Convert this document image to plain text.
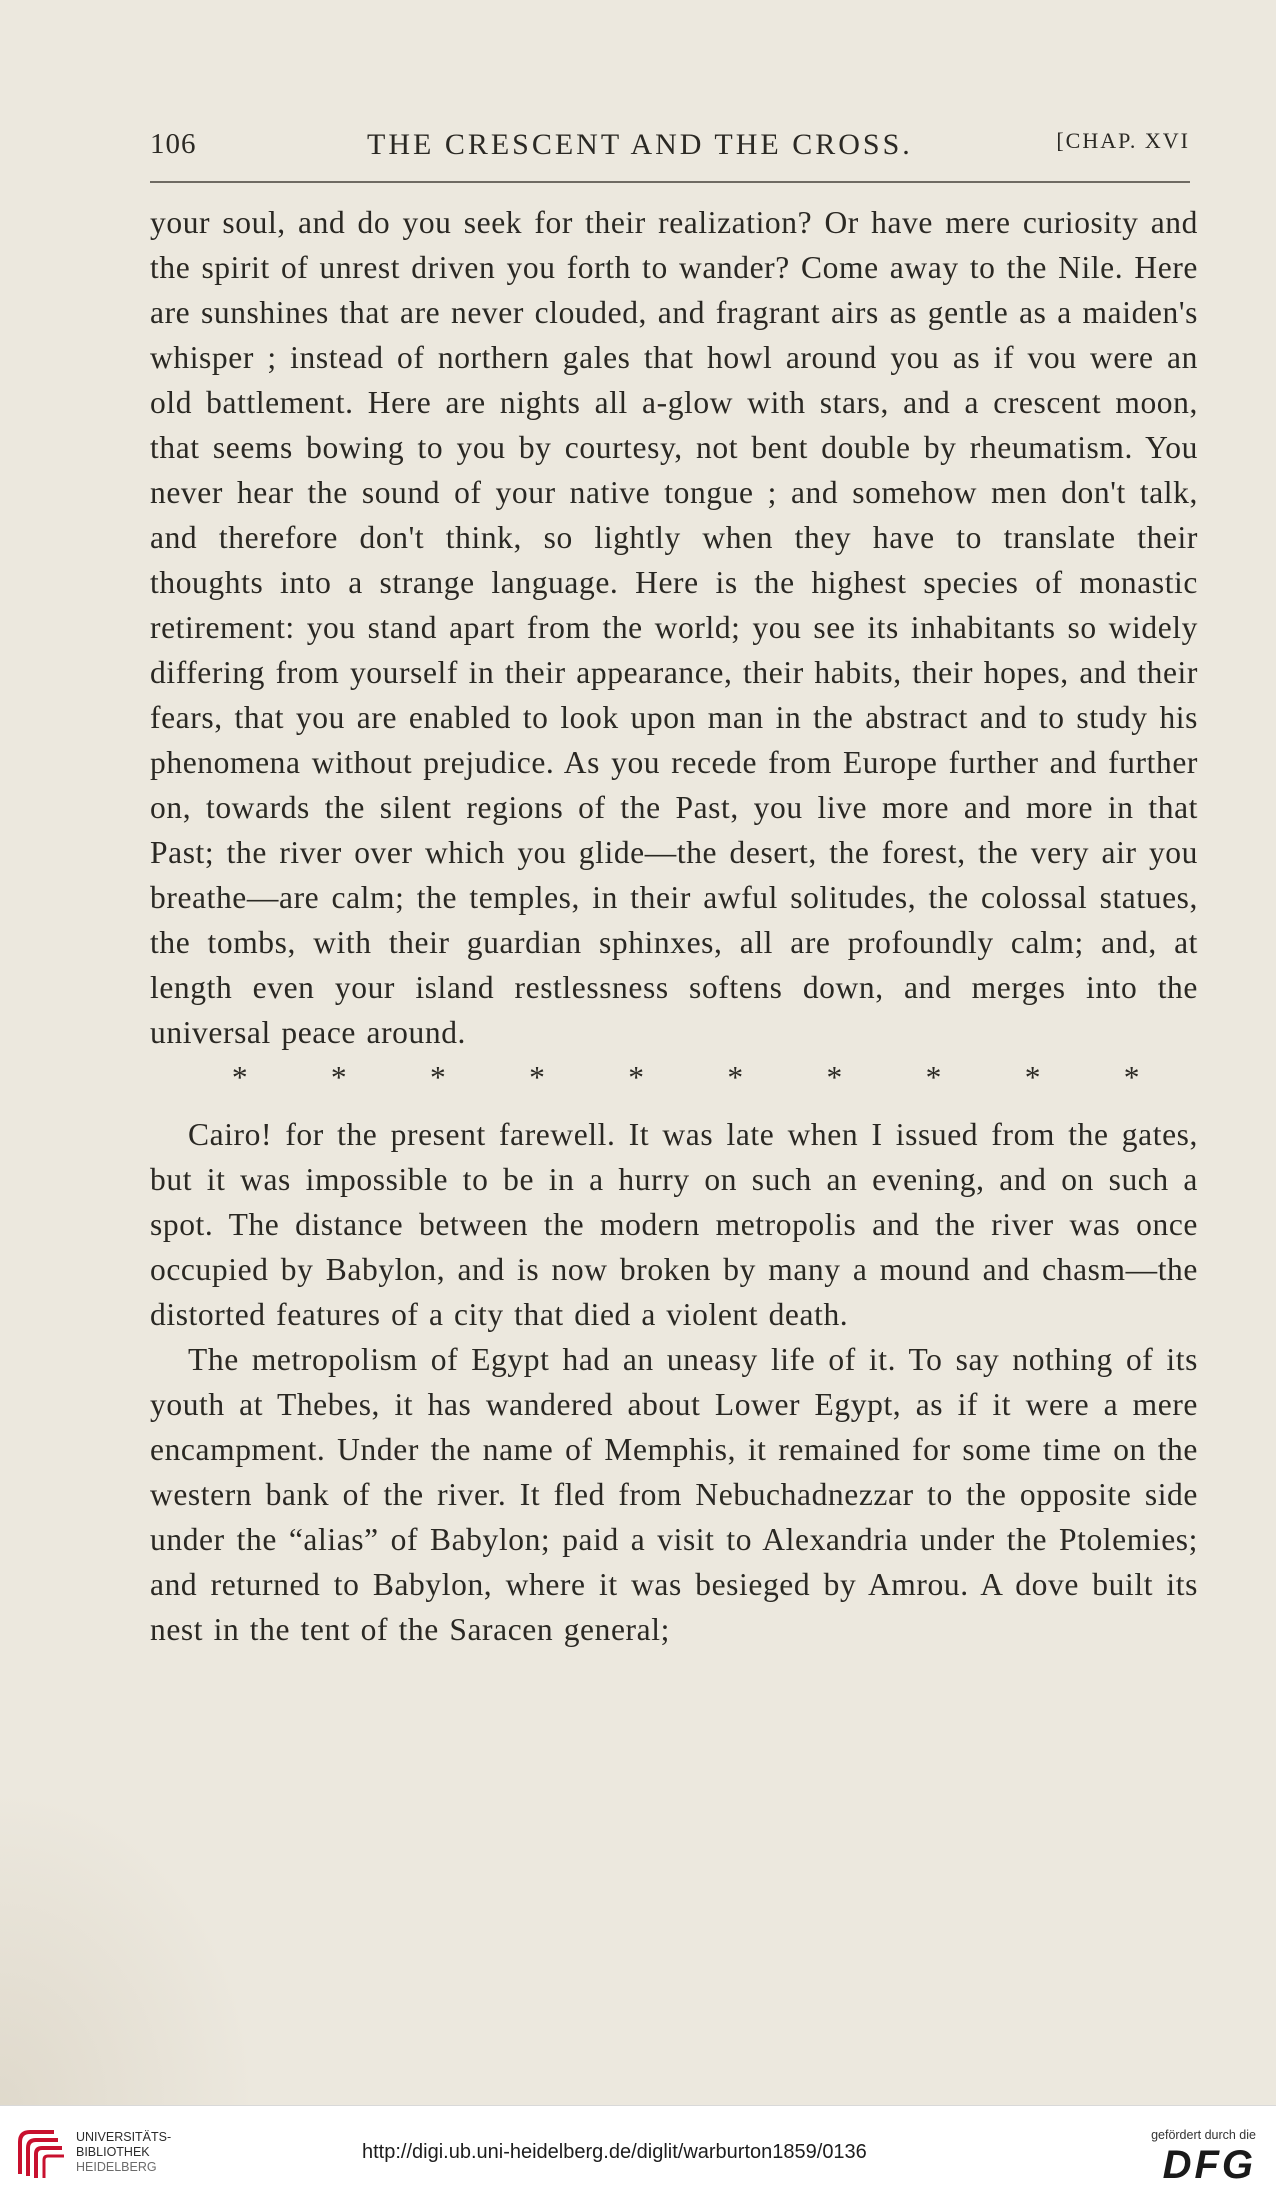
106	THE CRESCENT AND THE CROSS.	[CHAP. XVI

your soul, and do you seek for their realization? Or have mere curiosity and the spirit of unrest driven you forth to wander? Come away to the Nile. Here are sunshines that are never clouded, and fragrant airs as gentle as a maiden's whisper ; instead of northern gales that howl around you as if vou were an old battlement. Here are nights all a-glow with stars, and a crescent moon, that seems bowing to you by courtesy, not bent double by rheumatism. You never hear the sound of your native tongue ; and somehow men don't talk, and therefore don't think, so lightly when they have to translate their thoughts into a strange language. Here is the highest species of monastic retirement: you stand apart from the world; you see its inhabitants so widely differing from yourself in their appearance, their habits, their hopes, and their fears, that you are enabled to look upon man in the abstract and to study his phenomena without prejudice. As you recede from Europe further and further on, towards the silent regions of the Past, you live more and more in that Past; the river over which you glide—the desert, the forest, the very air you breathe—are calm; the temples, in their awful solitudes, the colossal statues, the tombs, with their guardian sphinxes, all are profoundly calm; and, at length even your island restlessness softens down, and merges into the universal peace around.

*	*	*	*	*	*	*	*	*	*

Cairo! for the present farewell. It was late when I issued from the gates, but it was impossible to be in a hurry on such an evening, and on such a spot. The distance between the modern metropolis and the river was once occupied by Babylon, and is now broken by many a mound and chasm—the distorted features of a city that died a violent death.

The metropolism of Egypt had an uneasy life of it. To say nothing of its youth at Thebes, it has wandered about Lower Egypt, as if it were a mere encampment. Under the name of Memphis, it remained for some time on the western bank of the river. It fled from Nebuchadnezzar to the opposite side under the “alias” of Babylon; paid a visit to Alexandria under the Ptolemies; and returned to Babylon, where it was besieged by Amrou. A dove built its nest in the tent of the Saracen general;

UNIVERSITÄTS-
BIBLIOTHEK
HEIDELBERG
http://digi.ub.uni-heidelberg.de/diglit/warburton1859/0136
gefördert durch die
DFG
